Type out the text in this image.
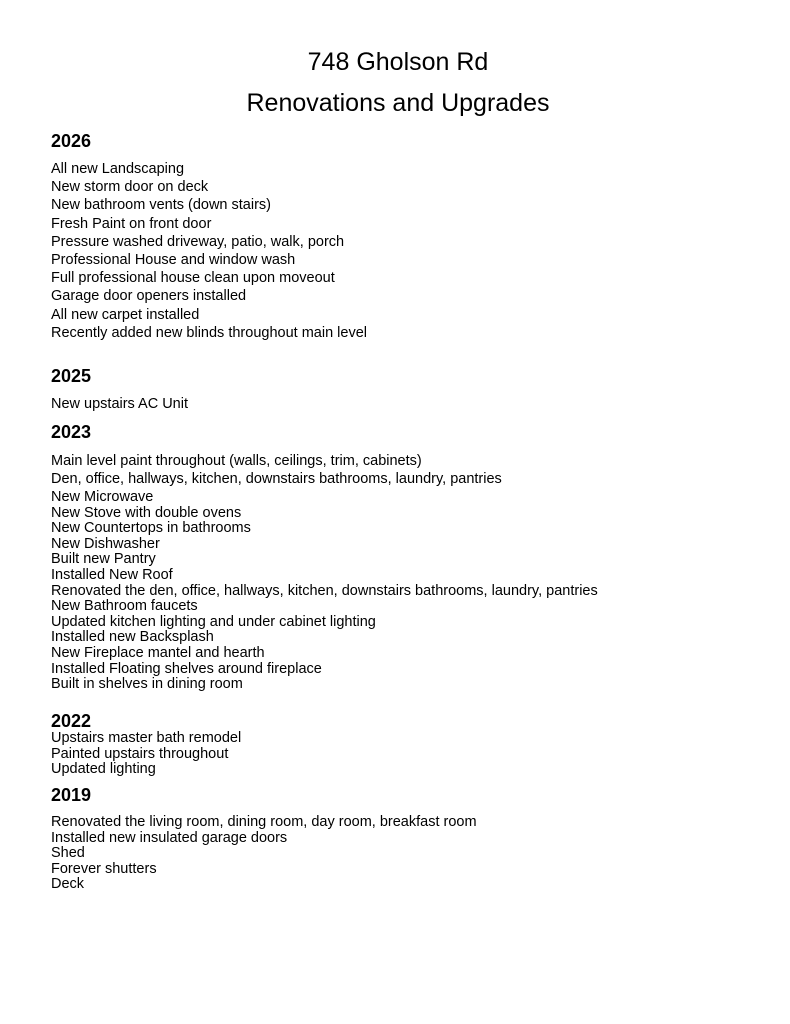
748 Gholson Rd
Renovations and Upgrades
2026
All new Landscaping
New storm door on deck
New bathroom vents (down stairs)
Fresh Paint on front door
Pressure washed driveway, patio, walk, porch
Professional House and window wash
Full professional house clean upon moveout
Garage door openers installed
All new carpet installed
Recently added new blinds throughout main level
2025
New upstairs AC Unit
2023
Main level paint throughout (walls, ceilings, trim, cabinets)
Den, office, hallways, kitchen, downstairs bathrooms, laundry, pantries
New Microwave
New Stove with double ovens
New Countertops in bathrooms
New Dishwasher
Built new Pantry
Installed New Roof
Renovated the den, office, hallways, kitchen, downstairs bathrooms, laundry, pantries
New Bathroom faucets
Updated kitchen lighting and under cabinet lighting
Installed new Backsplash
New Fireplace mantel and hearth
Installed Floating shelves around fireplace
Built in shelves in dining room
2022
Upstairs master bath remodel
Painted upstairs throughout
Updated lighting
2019
Renovated the living room, dining room, day room, breakfast room
Installed new insulated garage doors
Shed
Forever shutters
Deck
